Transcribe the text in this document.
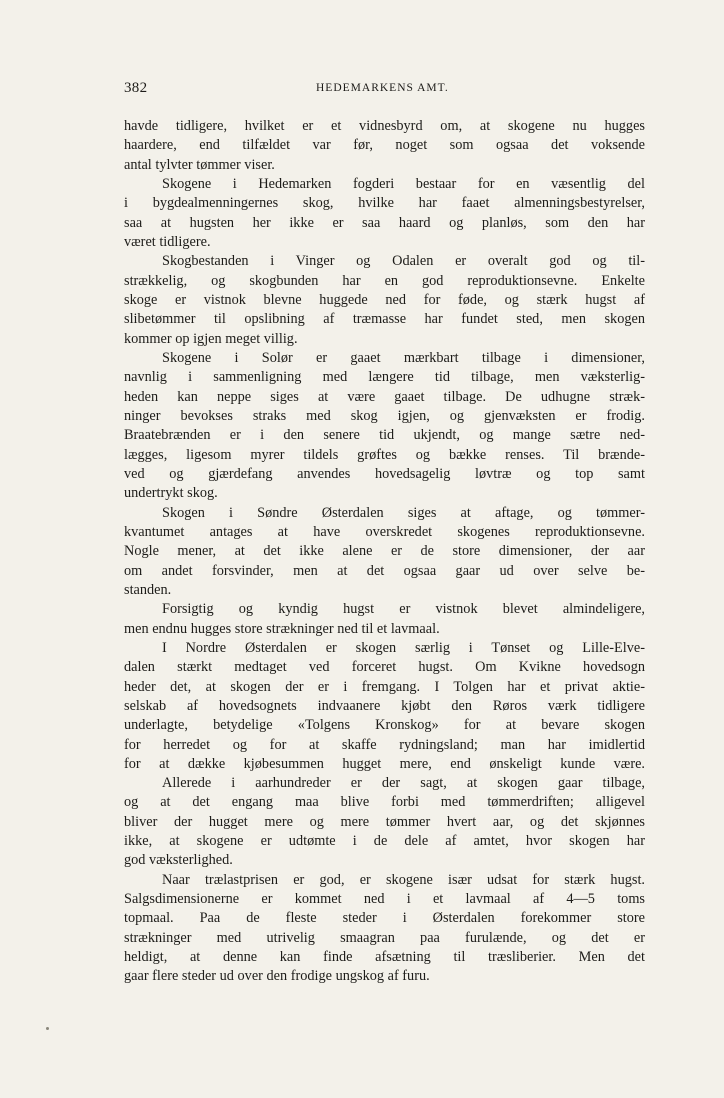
382	HEDEMARKENS AMT.
havde tidligere, hvilket er et vidnesbyrd om, at skogene nu hugges
haardere, end tilfældet var før, noget som ogsaa det voksende
antal tylvter tømmer viser.
Skogene i Hedemarken fogderi bestaar for en væsentlig del
i bygdealmenningernes skog, hvilke har faaet almenningsbestyrelser,
saa at hugsten her ikke er saa haard og planløs, som den har
været tidligere.
Skogbestanden i Vinger og Odalen er overalt god og til-
strækkelig, og skogbunden har en god reproduktionsevne. Enkelte
skoge er vistnok blevne huggede ned for føde, og stærk hugst af
slibetømmer til opslibning af træmasse har fundet sted, men skogen
kommer op igjen meget villig.
Skogene i Solør er gaaet mærkbart tilbage i dimensioner,
navnlig i sammenligning med længere tid tilbage, men væksterlig-
heden kan neppe siges at være gaaet tilbage. De udhugne stræk-
ninger bevokses straks med skog igjen, og gjenvæksten er frodig.
Braatebrænden er i den senere tid ukjendt, og mange sætre ned-
lægges, ligesom myrer tildels grøftes og bække renses. Til brænde-
ved og gjærdefang anvendes hovedsagelig løvtræ og top samt
undertrykt skog.
Skogen i Søndre Østerdalen siges at aftage, og tømmer-
kvantumet antages at have overskredet skogenes reproduktionsevne.
Nogle mener, at det ikke alene er de store dimensioner, der aar
om andet forsvinder, men at det ogsaa gaar ud over selve be-
standen.
Forsigtig og kyndig hugst er vistnok blevet almindeligere,
men endnu hugges store strækninger ned til et lavmaal.
I Nordre Østerdalen er skogen særlig i Tønset og Lille-Elve-
dalen stærkt medtaget ved forceret hugst. Om Kvikne hovedsogn
heder det, at skogen der er i fremgang. I Tolgen har et privat aktie-
selskab af hovedsognets indvaanere kjøbt den Røros værk tidligere
underlagte, betydelige «Tolgens Kronskog» for at bevare skogen
for herredet og for at skaffe rydningsland; man har imidlertid
for at dække kjøbesummen hugget mere, end ønskeligt kunde være.
Allerede i aarhundreder er der sagt, at skogen gaar tilbage,
og at det engang maa blive forbi med tømmerdriften; alligevel
bliver der hugget mere og mere tømmer hvert aar, og det skjønnes
ikke, at skogene er udtømte i de dele af amtet, hvor skogen har
god væksterlighed.
Naar trælastprisen er god, er skogene især udsat for stærk hugst.
Salgsdimensionerne er kommet ned i et lavmaal af 4—5 toms
topmaal. Paa de fleste steder i Østerdalen forekommer store
strækninger med utrivelig smaagran paa furulænde, og det er
heldigt, at denne kan finde afsætning til træsliberier. Men det
gaar flere steder ud over den frodige ungskog af furu.
